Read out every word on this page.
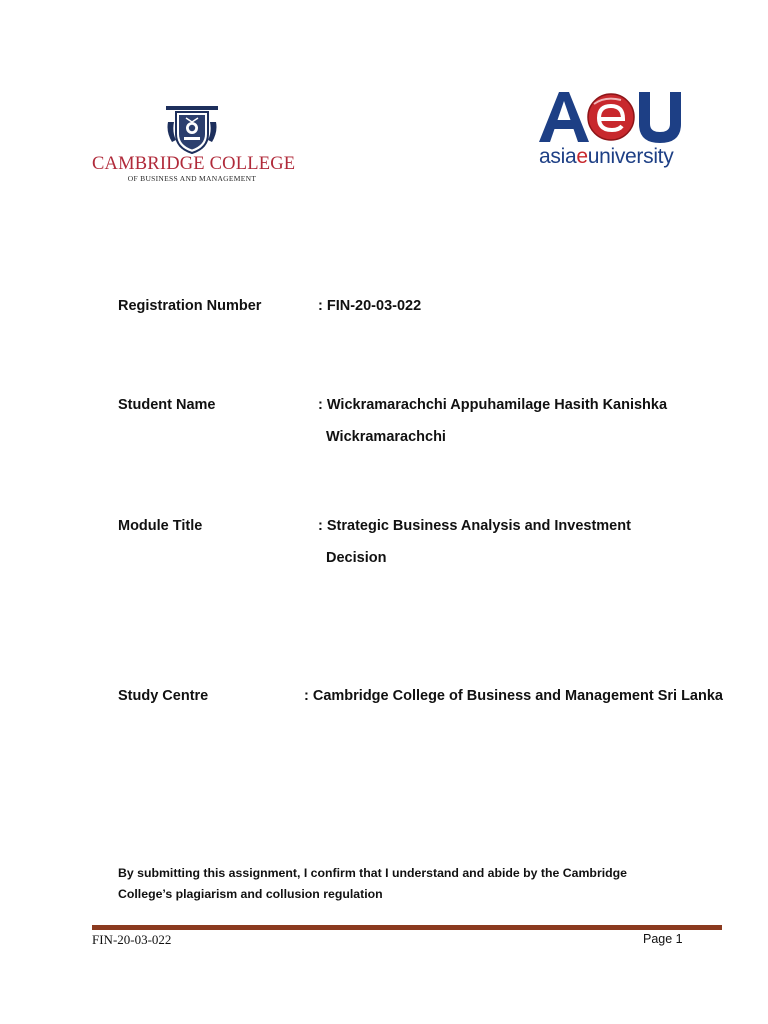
CAMBRIDGE COLLEGE
OF BUSINESS AND MANAGEMENT
asiaeuniversity
Registration Number	: FIN-20-03-022
Student Name	: Wickramarachchi Appuhamilage Hasith Kanishka
Wickramarachchi
Module Title	: Strategic Business Analysis and Investment
Decision
Study Centre	: Cambridge College of Business and Management Sri Lanka
By submitting this assignment, I confirm that I understand and abide by the Cambridge
College’s plagiarism and collusion regulation
FIN-20-03-022	Page 1
